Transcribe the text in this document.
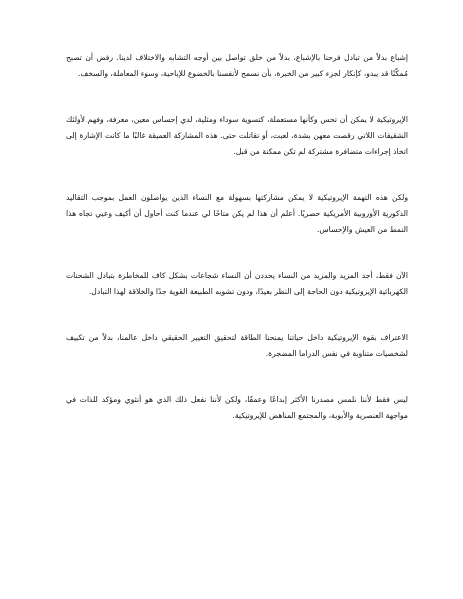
إشباع بدلاً من تبادل فرحنا بالإشباع، بدلاً من خلق تواصل بين أوجه التشابه والاختلاف لدينا. رفض أن تصبح مُمكّنًا قد يبدو، كإنكار لجزء كبير من الخبرة، بأن نسمح لأنفسنا بالخضوع للإباحية، وسوء المعاملة، والسخف.

الإيروتيكية لا يمكن أن تحس وكأنها مستعملة، كتسوية سوداء ومثلية، لدي إحساس معين، معرفة، وفهم لأولئك الشقيقات اللاتي رقصت معهن بشدة، لعبت، أو تقاتلت حتى. هذه المشاركة العميقة غالبًا ما كانت الإشارة إلى اتخاذ إجراءات متضافرة مشتركة لم تكن ممكنة من قبل.

ولكن هذه التهمة الإيروتيكية لا يمكن مشاركتها بسهولة مع النساء الذين يواصلون العمل بموجب التقاليد الذكورية الأوروبية الأمريكية حصريًا. أعلم أن هذا لم يكن متاحًا لي عندما كنت أحاول أن أكيف وعيي تجاه هذا النمط من العيش والإحساس.

الآن فقط، أجد المزيد والمزيد من النساء يحددن أن النساء شجاعات بشكل كاف للمخاطرة بتبادل الشحنات الكهربائية الإيروتيكية دون الحاجة إلى النظر بعيدًا، ودون تشويه الطبيعة القوية جدًا والخلاقة لهذا التبادل.

الاعتراف بقوة الإيروتيكية داخل حياتنا يمنحنا الطاقة لتحقيق التغيير الحقيقي داخل عالمنا، بدلاً من تكييف لشخصيات متناوبة في نفس الدراما المضجرة.

ليس فقط لأننا نلمس مصدرنا الأكثر إبداعًا وعمقًا، ولكن لأننا نفعل ذلك الذي هو أنثوي ومؤكد للذات في مواجهة العنصرية والأبوية، والمجتمع المناهض للإيروتيكية.
